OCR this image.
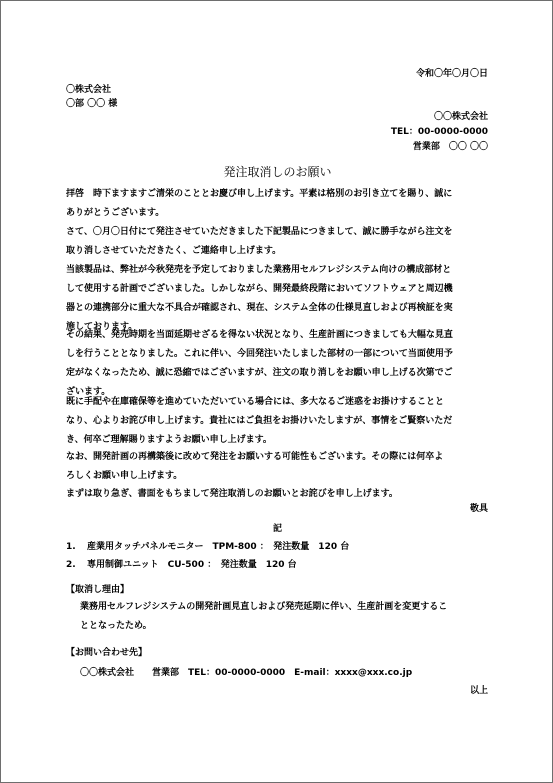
令和〇年〇月〇日
〇株式会社
〇部 〇〇 様
〇〇株式会社
TEL：00-0000-0000
営業部　〇〇 〇〇
発注取消しのお願い

拝啓　時下ますますご清栄のこととお慶び申し上げます。平素は格別のお引き立てを賜り、誠に

ありがとうございます。

さて、〇月〇日付にて発注させていただきました下記製品につきまして、誠に勝手ながら注文を

取り消しさせていただきたく、ご連絡申し上げます。

当該製品は、弊社が今秋発売を予定しておりました業務用セルフレジシステム向けの構成部材と

して使用する計画でございました。しかしながら、開発最終段階においてソフトウェアと周辺機

器との連携部分に重大な不具合が確認され、現在、システム全体の仕様見直しおよび再検証を実

施しております。

その結果、発売時期を当面延期せざるを得ない状況となり、生産計画につきましても大幅な見直

しを行うこととなりました。これに伴い、今回発注いたしました部材の一部について当面使用予

定がなくなったため、誠に恐縮ではございますが、注文の取り消しをお願い申し上げる次第でご

ざいます。

既に手配や在庫確保等を進めていただいている場合には、多大なるご迷惑をお掛けすることと

なり、心よりお詫び申し上げます。貴社にはご負担をお掛けいたしますが、事情をご賢察いただ

き、何卒ご理解賜りますようお願い申し上げます。

なお、開発計画の再構築後に改めて発注をお願いする可能性もございます。その際には何卒よ

ろしくお願い申し上げます。

まずは取り急ぎ、書面をもちまして発注取消しのお願いとお詫びを申し上げます。

敬具
記
1. 産業用タッチパネルモニター　TPM-800 ：　発注数量　120 台
2. 専用制御ユニット　CU-500 ：　発注数量　120 台
【取消し理由】

業務用セルフレジシステムの開発計画見直しおよび発売延期に伴い、生産計画を変更するこ

ととなったため。

【お問い合わせ先】
〇〇株式会社　　営業部　TEL：00-0000-0000　E-mail：xxxx@xxx.co.jp
以上
